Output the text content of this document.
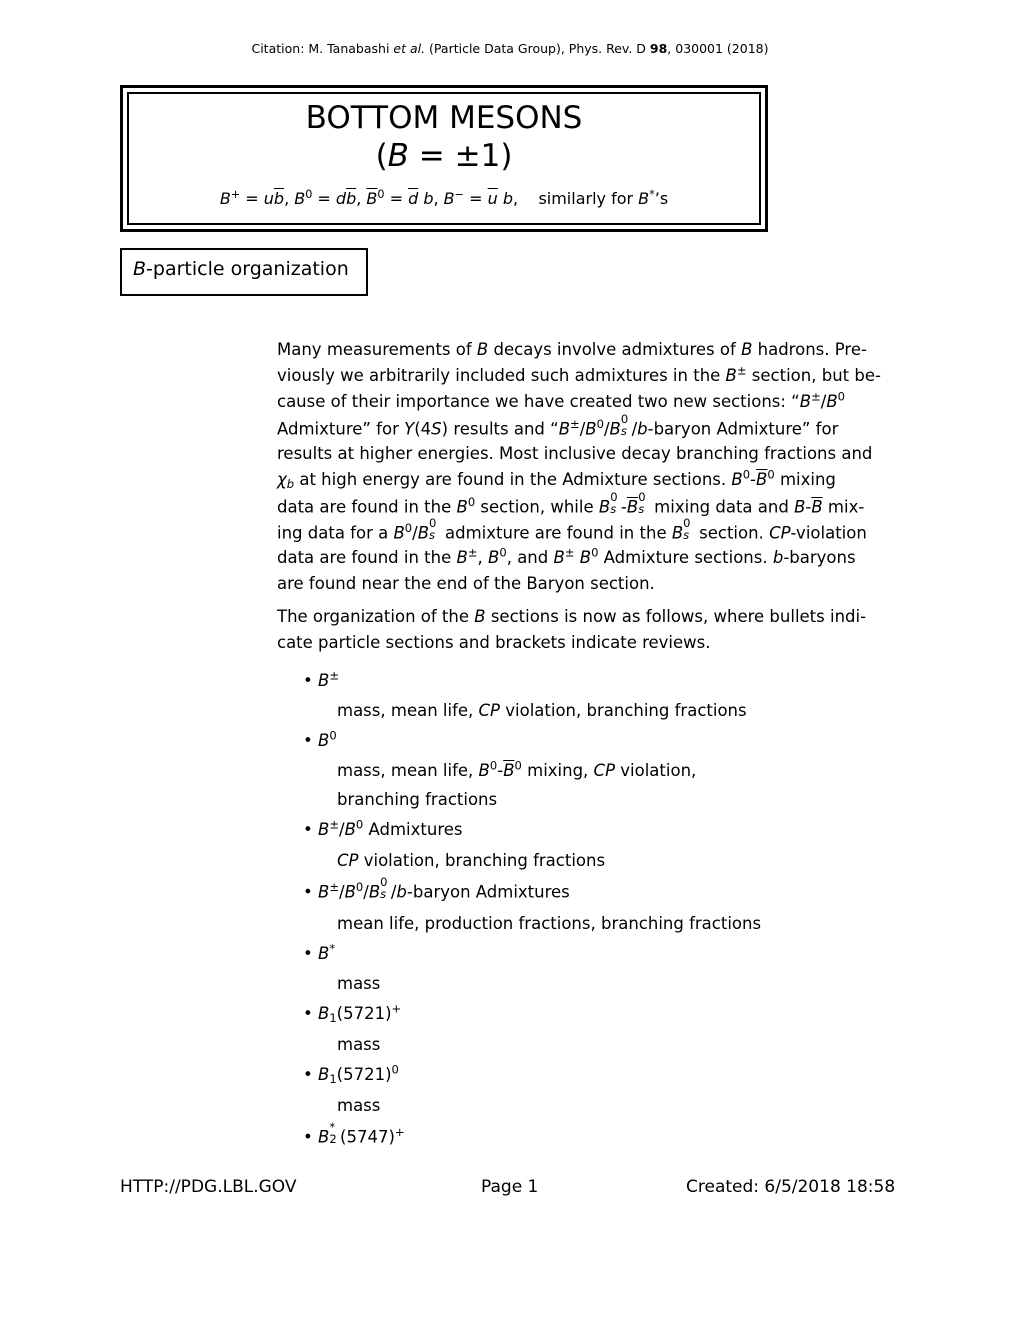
Citation: M. Tanabashi et al. (Particle Data Group), Phys. Rev. D 98, 030001 (2018)
BOTTOM MESONS
(B = ±1)
$B^+ = u\overline{b}$, $B^0 = d\overline{b}$, $\overline{B}^0 = \overline{d}$ b, $B^- = \overline{u}$ b,    similarly for B*’s
B-particle organization
Many measurements of B decays involve admixtures of B hadrons. Pre-
viously we arbitrarily included such admixtures in the B± section, but be-
cause of their importance we have created two new sections: “$B^\pm/B^0$
Admixture” for Υ(4S) results and “$B^\pm/B^0/B$
0
s /b-baryon Admixture” for
results at higher energies. Most inclusive decay branching fractions and
$\chi_b$ at high energy are found in the Admixture sections. $B^0-\overline{B}^0$ mixing
data are found in the $B^0$ section, while B
0
s $-\overline{B}$
0
s mixing data and $B-\overline{B}$ mix-
ing data for a $B^0/B$
0
s admixture are found in the B
0
s section. CP-violation
data are found in the B±, $B^0$, and B± $B^0$ Admixture sections. b-baryons
are found near the end of the Baryon section.
The organization of the B sections is now as follows, where bullets indi-
cate particle sections and brackets indicate reviews.
• B±
mass, mean life, CP violation, branching fractions
• $B^0$
mass, mean life, $B^0-\overline{B}^0$ mixing, CP violation,
branching fractions
• $B^\pm/B^0$ Admixtures
CP violation, branching fractions
• $B^\pm/B^0/B$
0
s /b-baryon Admixtures
mean life, production fractions, branching fractions
• B*
mass
• $B_1(5721)^+$
mass
• $B_1(5721)^0$
mass
• B
*
2 (5747)+
HTTP://PDG.LBL.GOV	Page 1	Created: 6/5/2018 18:58
